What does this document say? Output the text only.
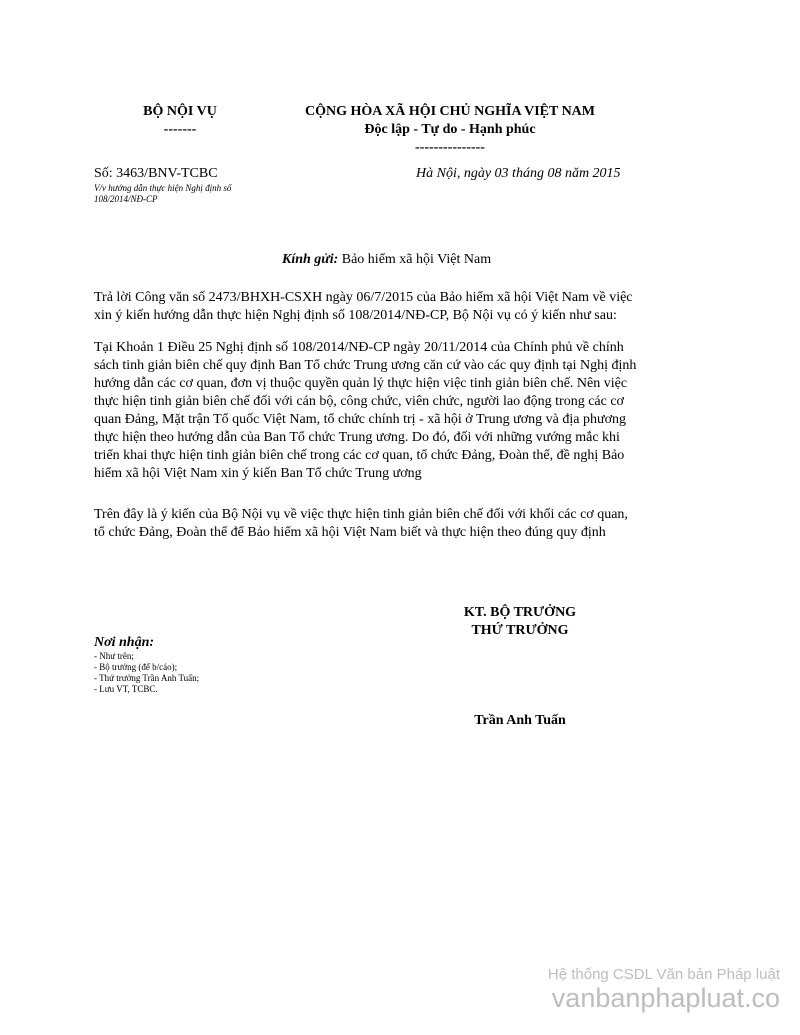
BỘ NỘI VỤ
-------
CỘNG HÒA XÃ HỘI CHỦ NGHĨA VIỆT NAM
Độc lập - Tự do - Hạnh phúc
---------------
Số: 3463/BNV-TCBC
V/v hướng dẫn thực hiện Nghị định số
108/2014/NĐ-CP
Hà Nội, ngày 03 tháng 08 năm 2015
Kính gửi: Bảo hiểm xã hội Việt Nam
Trả lời Công văn số 2473/BHXH-CSXH ngày 06/7/2015 của Bảo hiểm xã hội Việt Nam về việc
xin ý kiến hướng dẫn thực hiện Nghị định số 108/2014/NĐ-CP, Bộ Nội vụ có ý kiến như sau:
Tại Khoản 1 Điều 25 Nghị định số 108/2014/NĐ-CP ngày 20/11/2014 của Chính phủ về chính
sách tinh giản biên chế quy định Ban Tổ chức Trung ương căn cứ vào các quy định tại Nghị định
hướng dẫn các cơ quan, đơn vị thuộc quyền quản lý thực hiện việc tinh giản biên chế. Nên việc
thực hiện tinh giản biên chế đối với cán bộ, công chức, viên chức, người lao động trong các cơ
quan Đảng, Mặt trận Tổ quốc Việt Nam, tổ chức chính trị - xã hội ở Trung ương và địa phương
thực hiện theo hướng dẫn của Ban Tổ chức Trung ương. Do đó, đối với những vướng mắc khi
triển khai thực hiện tinh giản biên chế trong các cơ quan, tổ chức Đảng, Đoàn thể, đề nghị Bảo
hiểm xã hội Việt Nam xin ý kiến Ban Tổ chức Trung ương
Trên đây là ý kiến của Bộ Nội vụ về việc thực hiện tinh giản biên chế đối với khối các cơ quan,
tổ chức Đảng, Đoàn thể để Bảo hiểm xã hội Việt Nam biết và thực hiện theo đúng quy định
KT. BỘ TRƯỞNG
THỨ TRƯỞNG
Trần Anh Tuấn
Nơi nhận:
- Như trên;
- Bộ trưởng (để b/cáo);
- Thứ trưởng Trần Anh Tuấn;
- Lưu VT, TCBC.
Hệ thống CSDL Văn bản Pháp luật
vanbanphapluat.co
